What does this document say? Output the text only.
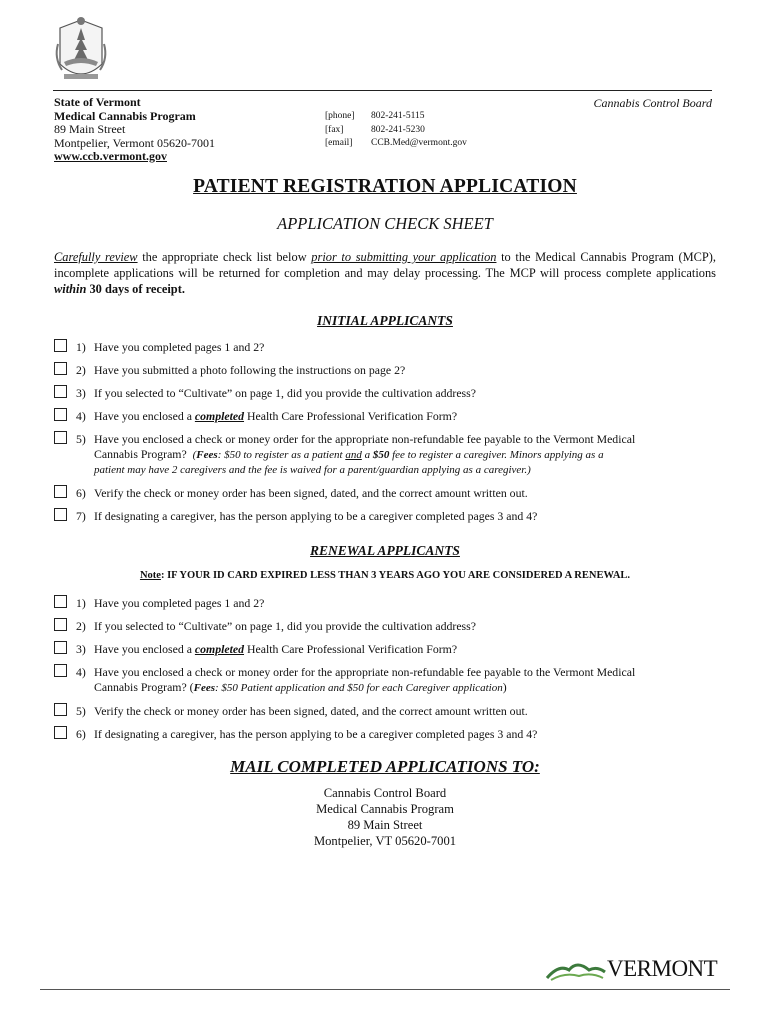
State of Vermont
Medical Cannabis Program
89 Main Street
Montpelier, Vermont 05620-7001
www.ccb.vermont.gov
Cannabis Control Board
[phone] 802-241-5115
[fax]	802-241-5230
[email] CCB.Med@vermont.gov
PATIENT REGISTRATION APPLICATION
APPLICATION CHECK SHEET
Carefully review the appropriate check list below prior to submitting your application to the Medical Cannabis Program (MCP), incomplete applications will be returned for completion and may delay processing. The MCP will process complete applications within 30 days of receipt.
INITIAL APPLICANTS
1) Have you completed pages 1 and 2?
2) Have you submitted a photo following the instructions on page 2?
3) If you selected to “Cultivate” on page 1, did you provide the cultivation address?
4) Have you enclosed a completed Health Care Professional Verification Form?
5) Have you enclosed a check or money order for the appropriate non-refundable fee payable to the Vermont Medical
Cannabis Program? (Fees: $50 to register as a patient and a $50 fee to register a caregiver. Minors applying as a
patient may have 2 caregivers and the fee is waived for a parent/guardian applying as a caregiver.)
6) Verify the check or money order has been signed, dated, and the correct amount written out.
7) If designating a caregiver, has the person applying to be a caregiver completed pages 3 and 4?
RENEWAL APPLICANTS
Note: IF YOUR ID CARD EXPIRED LESS THAN 3 YEARS AGO YOU ARE CONSIDERED A RENEWAL.
1) Have you completed pages 1 and 2?
2) If you selected to “Cultivate” on page 1, did you provide the cultivation address?
3) Have you enclosed a completed Health Care Professional Verification Form?
4) Have you enclosed a check or money order for the appropriate non-refundable fee payable to the Vermont Medical
Cannabis Program? (Fees: $50 Patient application and $50 for each Caregiver application)
5) Verify the check or money order has been signed, dated, and the correct amount written out.
6) If designating a caregiver, has the person applying to be a caregiver completed pages 3 and 4?
MAIL COMPLETED APPLICATIONS TO:
Cannabis Control Board
Medical Cannabis Program
89 Main Street
Montpelier, VT 05620-7001
VERMONT
